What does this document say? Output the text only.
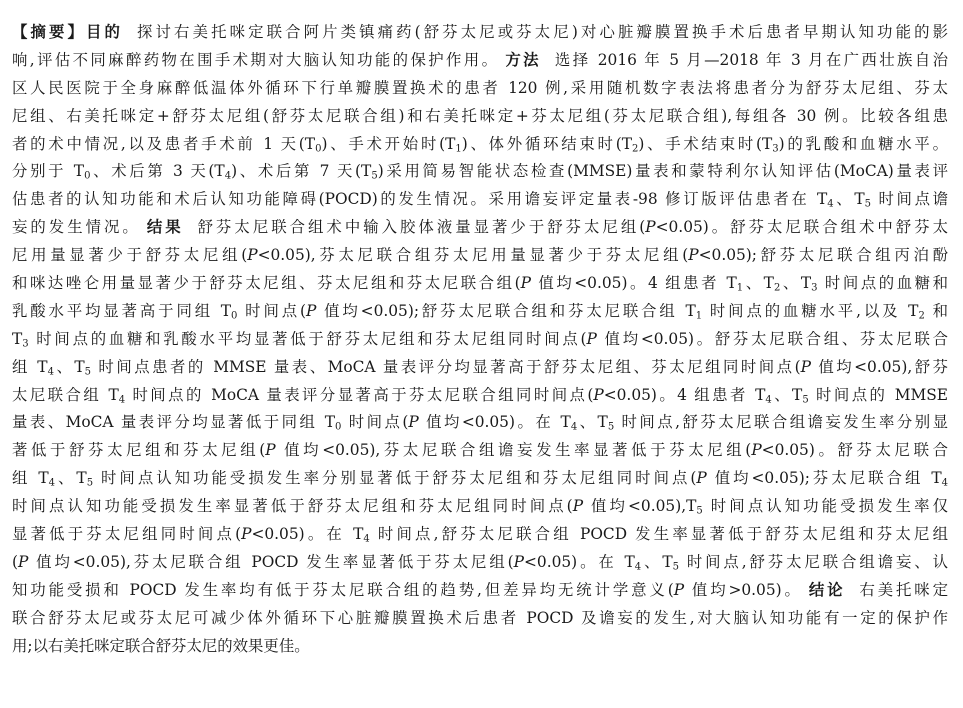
【摘要】目的 探讨右美托咪定联合阿片类镇痛药(舒芬太尼或芬太尼)对心脏瓣膜置换手术后患者早期认知功能的影
响,评估不同麻醉药物在围手术期对大脑认知功能的保护作用。 方法 选择 2016 年 5 月—2018 年 3 月在广西壮族自治
区人民医院于全身麻醉低温体外循环下行单瓣膜置换术的患者 120 例,采用随机数字表法将患者分为舒芬太尼组、芬太
尼组、右美托咪定+舒芬太尼组(舒芬太尼联合组)和右美托咪定+芬太尼组(芬太尼联合组),每组各 30 例。比较各组患
者的术中情况,以及患者手术前 1 天$(T_0)$、手术开始时$(T_1)$、体外循环结束时$(T_2)$、手术结束时$(T_3)$的乳酸和血糖水平。
分别于 $T_0$、术后第 3 天$(T_4)$、术后第 7 天$(T_5)$采用简易智能状态检查(MMSE)量表和蒙特利尔认知评估(MoCA)量表评
估患者的认知功能和术后认知功能障碍(POCD)的发生情况。采用谵妄评定量表-98 修订版评估患者在 $T_4$、$T_5$ 时间点谵
妄的发生情况。 结果 舒芬太尼联合组术中输入胶体液量显著少于舒芬太尼组(P<0.05)。舒芬太尼联合组术中舒芬太
尼用量显著少于舒芬太尼组(P<0.05),芬太尼联合组芬太尼用量显著少于芬太尼组(P<0.05);舒芬太尼联合组丙泊酚
和咪达唑仑用量显著少于舒芬太尼组、芬太尼组和芬太尼联合组(P 值均<0.05)。4 组患者 $T_1$、$T_2$、$T_3$ 时间点的血糖和
乳酸水平均显著高于同组 $T_0$ 时间点(P 值均<0.05);舒芬太尼联合组和芬太尼联合组 $T_1$ 时间点的血糖水平,以及 $T_2$ 和
$T_3$ 时间点的血糖和乳酸水平均显著低于舒芬太尼组和芬太尼组同时间点(P 值均<0.05)。舒芬太尼联合组、芬太尼联合
组 $T_4$、$T_5$ 时间点患者的 MMSE 量表、MoCA 量表评分均显著高于舒芬太尼组、芬太尼组同时间点(P 值均<0.05),舒芬
太尼联合组 $T_4$ 时间点的 MoCA 量表评分显著高于芬太尼联合组同时间点(P<0.05)。4 组患者 $T_4$、$T_5$ 时间点的 MMSE
量表、MoCA 量表评分均显著低于同组 $T_0$ 时间点(P 值均<0.05)。在 $T_4$、$T_5$ 时间点,舒芬太尼联合组谵妄发生率分别显
著低于舒芬太尼组和芬太尼组(P 值均<0.05),芬太尼联合组谵妄发生率显著低于芬太尼组(P<0.05)。舒芬太尼联合
组 $T_4$、$T_5$ 时间点认知功能受损发生率分别显著低于舒芬太尼组和芬太尼组同时间点(P 值均<0.05);芬太尼联合组 $T_4$
时间点认知功能受损发生率显著低于舒芬太尼组和芬太尼组同时间点(P 值均$<0.05),T_5$ 时间点认知功能受损发生率仅
显著低于芬太尼组同时间点(P<0.05)。在 $T_4$ 时间点,舒芬太尼联合组 POCD 发生率显著低于舒芬太尼组和芬太尼组
(P 值均<0.05),芬太尼联合组 POCD 发生率显著低于芬太尼组(P<0.05)。在 $T_4$、$T_5$ 时间点,舒芬太尼联合组谵妄、认
知功能受损和 POCD 发生率均有低于芬太尼联合组的趋势,但差异均无统计学意义(P 值均>0.05)。 结论 右美托咪定
联合舒芬太尼或芬太尼可减少体外循环下心脏瓣膜置换术后患者 POCD 及谵妄的发生,对大脑认知功能有一定的保护作
用;以右美托咪定联合舒芬太尼的效果更佳。
